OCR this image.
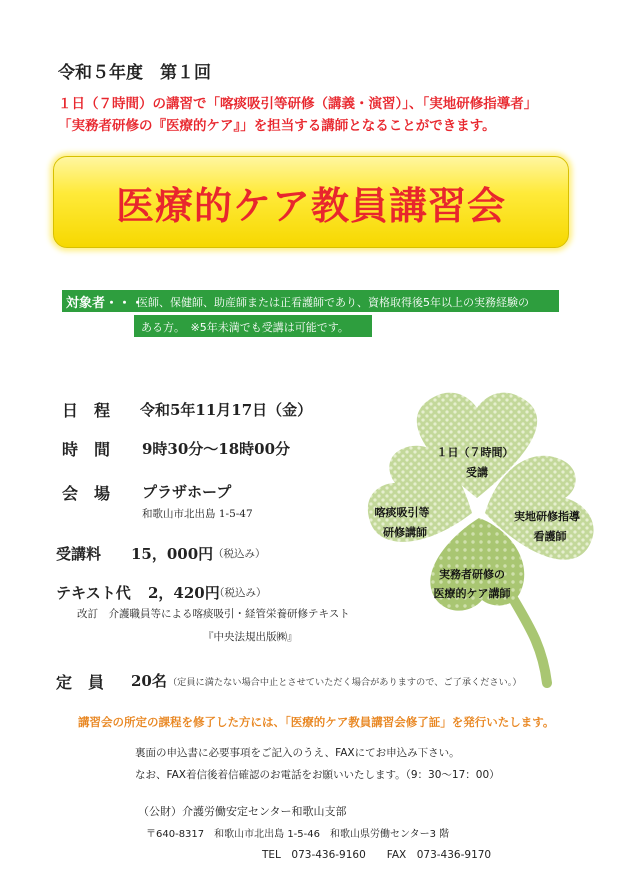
令和５年度　第１回
１日（７時間）の講習で「喀痰吸引等研修（講義・演習）」、「実地研修指導者」
「実務者研修の『医療的ケア』」を担当する講師となることができます。
医療的ケア教員講習会
対象者・・・
医師、保健師、助産師または正看護師であり、資格取得後5年以上の実務経験の
ある方。　※5年未満でも受講は可能です。
日　程 令和5年11月17日（金）
時　間 9時30分～18時00分
会　場 プラザホープ
和歌山市北出島 1-5-47
受講料 15，000円 （税込み）
テキスト代 2，420円
（税込み）
改訂　介護職員等による喀痰吸引・経管栄養研修テキスト
『中央法規出版㈱』
定　員 20名 （定員に満たない場合中止とさせていただく場合がありますので、ご了承ください。）
１日（７時間）
受講
喀痰吸引等
研修講師
実地研修指導
看護師
実務者研修の
医療的ケア講師
講習会の所定の課程を修了した方には、「医療的ケア教員講習会修了証」を発行いたします。
裏面の申込書に必要事項をご記入のうえ、FAXにてお申込み下さい。
なお、FAX着信後着信確認のお電話をお願いいたします。（9：30～17：00）
（公財）介護労働安定センター和歌山支部
〒640-8317　和歌山市北出島 1-5-46　和歌山県労働センター3 階
TEL　073-436-9160　　FAX　073-436-9170
